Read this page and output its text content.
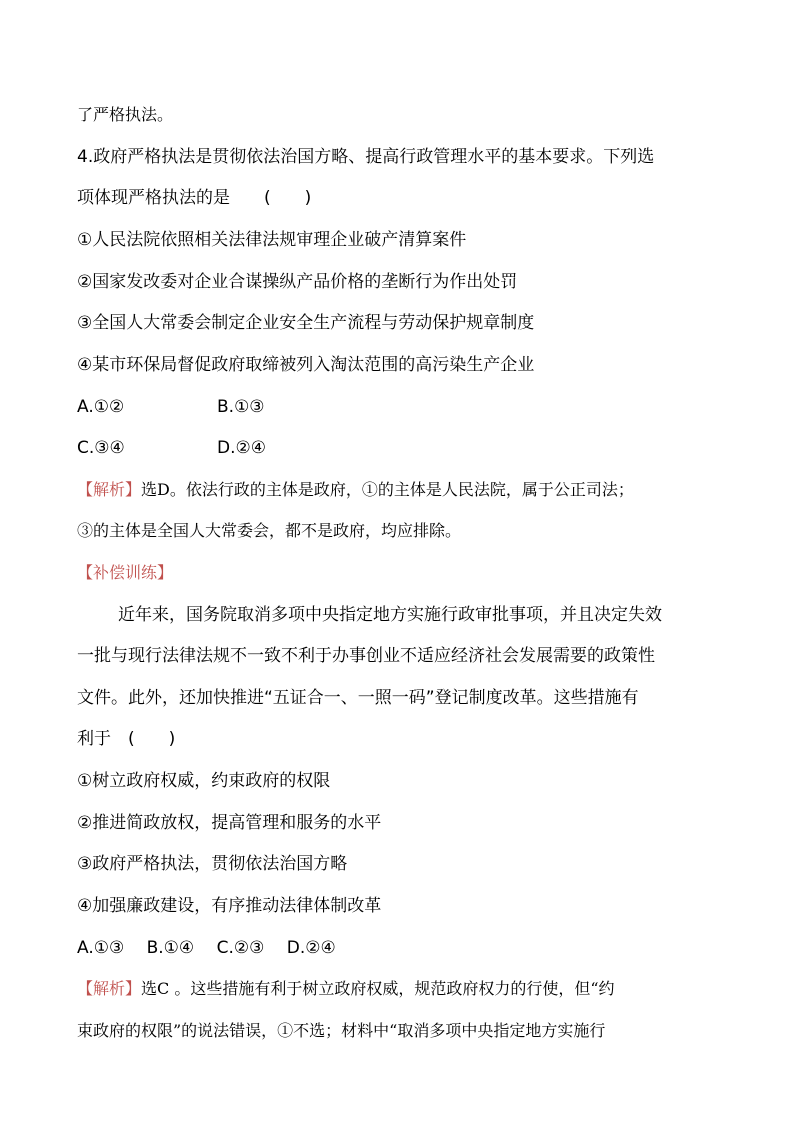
了严格执法。
4.政府严格执法是贯彻依法治国方略、提高行政管理水平的基本要求。下列选
项体现严格执法的是　　(　　)
①人民法院依照相关法律法规审理企业破产清算案件
②国家发改委对企业合谋操纵产品价格的垄断行为作出处罚
③全国人大常委会制定企业安全生产流程与劳动保护规章制度
④某市环保局督促政府取缔被列入淘汰范围的高污染生产企业
A.①②	B.①③
C.③④	D.②④
【解析】选D。依法行政的主体是政府，①的主体是人民法院，属于公正司法；
③的主体是全国人大常委会，都不是政府，均应排除。
【补偿训练】
近年来，国务院取消多项中央指定地方实施行政审批事项，并且决定失效
一批与现行法律法规不一致不利于办事创业不适应经济社会发展需要的政策性
文件。此外，还加快推进“五证合一、一照一码”登记制度改革。这些措施有
利于　(　　)
①树立政府权威，约束政府的权限
②推进简政放权，提高管理和服务的水平
③政府严格执法，贯彻依法治国方略
④加强廉政建设，有序推动法律体制改革
A.①③　 B.①④　 C.②③　 D.②④
【解析】选C 。这些措施有利于树立政府权威，规范政府权力的行使，但“约
束政府的权限”的说法错误，①不选；材料中“取消多项中央指定地方实施行
